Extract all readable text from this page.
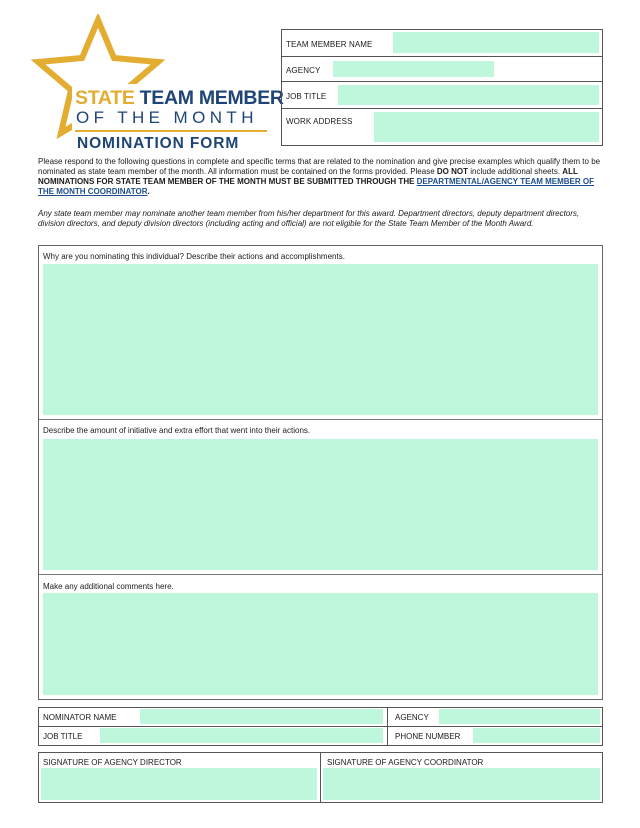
STATE TEAM MEMBER
OF THE MONTH
NOMINATION FORM
TEAM MEMBER NAME
AGENCY
JOB TITLE
WORK ADDRESS
Please respond to the following questions in complete and specific terms that are related to the nomination and give precise examples which qualify them to be nominated as state team member of the month. All information must be contained on the forms provided. Please DO NOT include additional sheets. ALL NOMINATIONS FOR STATE TEAM MEMBER OF THE MONTH MUST BE SUBMITTED THROUGH THE DEPARTMENTAL/AGENCY TEAM MEMBER OF THE MONTH COORDINATOR.
Any state team member may nominate another team member from his/her department for this award. Department directors, deputy department directors, division directors, and deputy division directors (including acting and official) are not eligible for the State Team Member of the Month Award.
Why are you nominating this individual? Describe their actions and accomplishments.
Describe the amount of initiative and extra effort that went into their actions.
Make any additional comments here.
NOMINATOR NAME	AGENCY
JOB TITLE	PHONE NUMBER
SIGNATURE OF AGENCY DIRECTOR	SIGNATURE OF AGENCY COORDINATOR
